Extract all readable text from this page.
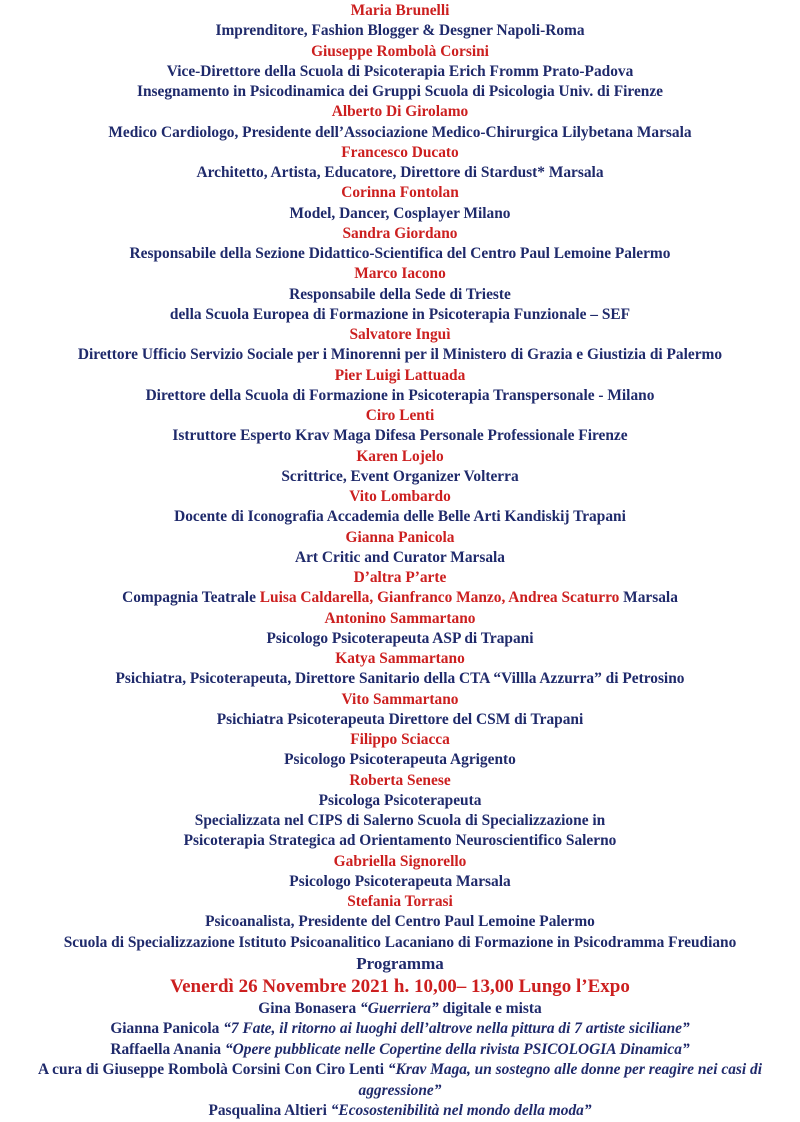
Maria Brunelli
Imprenditore, Fashion Blogger & Desgner Napoli-Roma
Giuseppe Rombolà Corsini
Vice-Direttore della Scuola di Psicoterapia Erich Fromm Prato-Padova
Insegnamento in Psicodinamica dei Gruppi Scuola di Psicologia Univ. di Firenze
Alberto Di Girolamo
Medico Cardiologo, Presidente dell’Associazione Medico-Chirurgica Lilybetana Marsala
Francesco Ducato
Architetto, Artista, Educatore, Direttore di Stardust* Marsala
Corinna Fontolan
Model, Dancer, Cosplayer Milano
Sandra Giordano
Responsabile della Sezione Didattico-Scientifica del Centro Paul Lemoine Palermo
Marco Iacono
Responsabile della Sede di Trieste
della Scuola Europea di Formazione in Psicoterapia Funzionale – SEF
Salvatore Inguì
Direttore Ufficio Servizio Sociale per i Minorenni per il Ministero di Grazia e Giustizia di Palermo
Pier Luigi Lattuada
Direttore della Scuola di Formazione in Psicoterapia Transpersonale - Milano
Ciro Lenti
Istruttore Esperto Krav Maga Difesa Personale Professionale Firenze
Karen Lojelo
Scrittrice, Event Organizer Volterra
Vito Lombardo
Docente di Iconografia Accademia delle Belle Arti Kandiskij Trapani
Gianna Panicola
Art Critic and Curator Marsala
D’altra P’arte
Compagnia Teatrale Luisa Caldarella, Gianfranco Manzo, Andrea Scaturro Marsala
Antonino Sammartano
Psicologo Psicoterapeuta ASP di Trapani
Katya Sammartano
Psichiatra, Psicoterapeuta, Direttore Sanitario della CTA “Villla Azzurra” di Petrosino
Vito Sammartano
Psichiatra Psicoterapeuta Direttore del CSM di Trapani
Filippo Sciacca
Psicologo Psicoterapeuta Agrigento
Roberta Senese
Psicologa Psicoterapeuta
Specializzata nel CIPS di Salerno Scuola di Specializzazione in
Psicoterapia Strategica ad Orientamento Neuroscientifico Salerno
Gabriella Signorello
Psicologo Psicoterapeuta Marsala
Stefania Torrasi
Psicoanalista, Presidente del Centro Paul Lemoine Palermo
Scuola di Specializzazione Istituto Psicoanalitico Lacaniano di Formazione in Psicodramma Freudiano
Programma
Venerdì 26 Novembre 2021 h. 10,00– 13,00 Lungo l’Expo
Gina Bonasera “Guerriera” digitale e mista
Gianna Panicola “7 Fate, il ritorno ai luoghi dell’altrove nella pittura di 7 artiste siciliane”
Raffaella Anania “Opere pubblicate nelle Copertine della rivista PSICOLOGIA Dinamica”
A cura di Giuseppe Rombolà Corsini Con Ciro Lenti “Krav Maga, un sostegno alle donne per reagire nei casi di aggressione”
Pasqualina Altieri “Ecosostenibilità nel mondo della moda”
